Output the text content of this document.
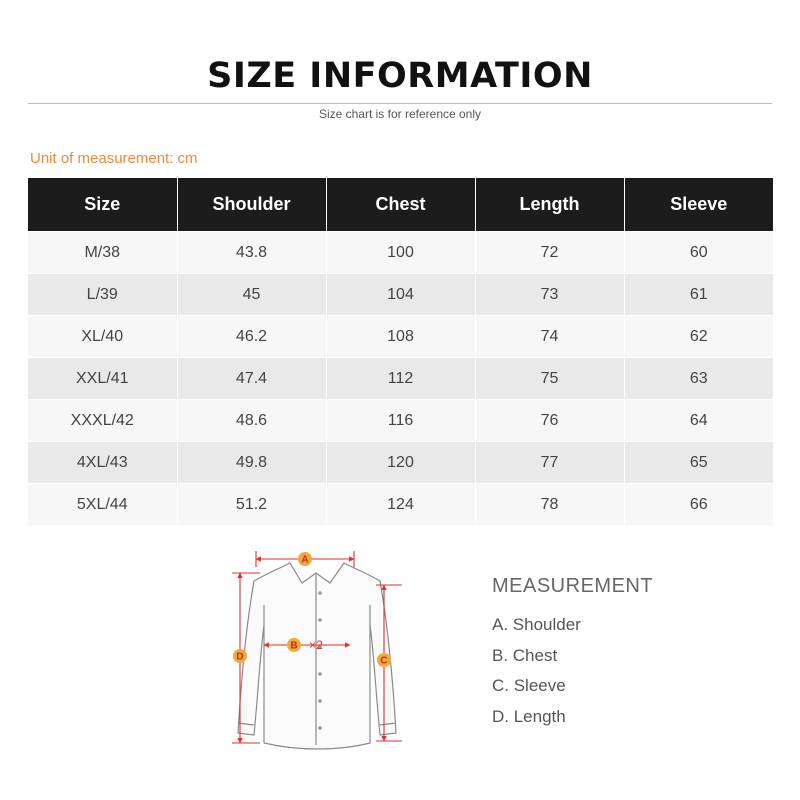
SIZE INFORMATION
Size chart is for reference only
Unit of measurement: cm
Size	Shoulder	Chest	Length	Sleeve
M/38	43.8	100	72	60
L/39	45	104	73	61
XL/40	46.2	108	74	62
XXL/41	47.4	112	75	63
XXXL/42	48.6	116	76	64
4XL/43	49.8	120	77	65
5XL/44	51.2	124	78	66
A
B ×2
C
D
MEASUREMENT
A. Shoulder
B. Chest
C. Sleeve
D. Length
